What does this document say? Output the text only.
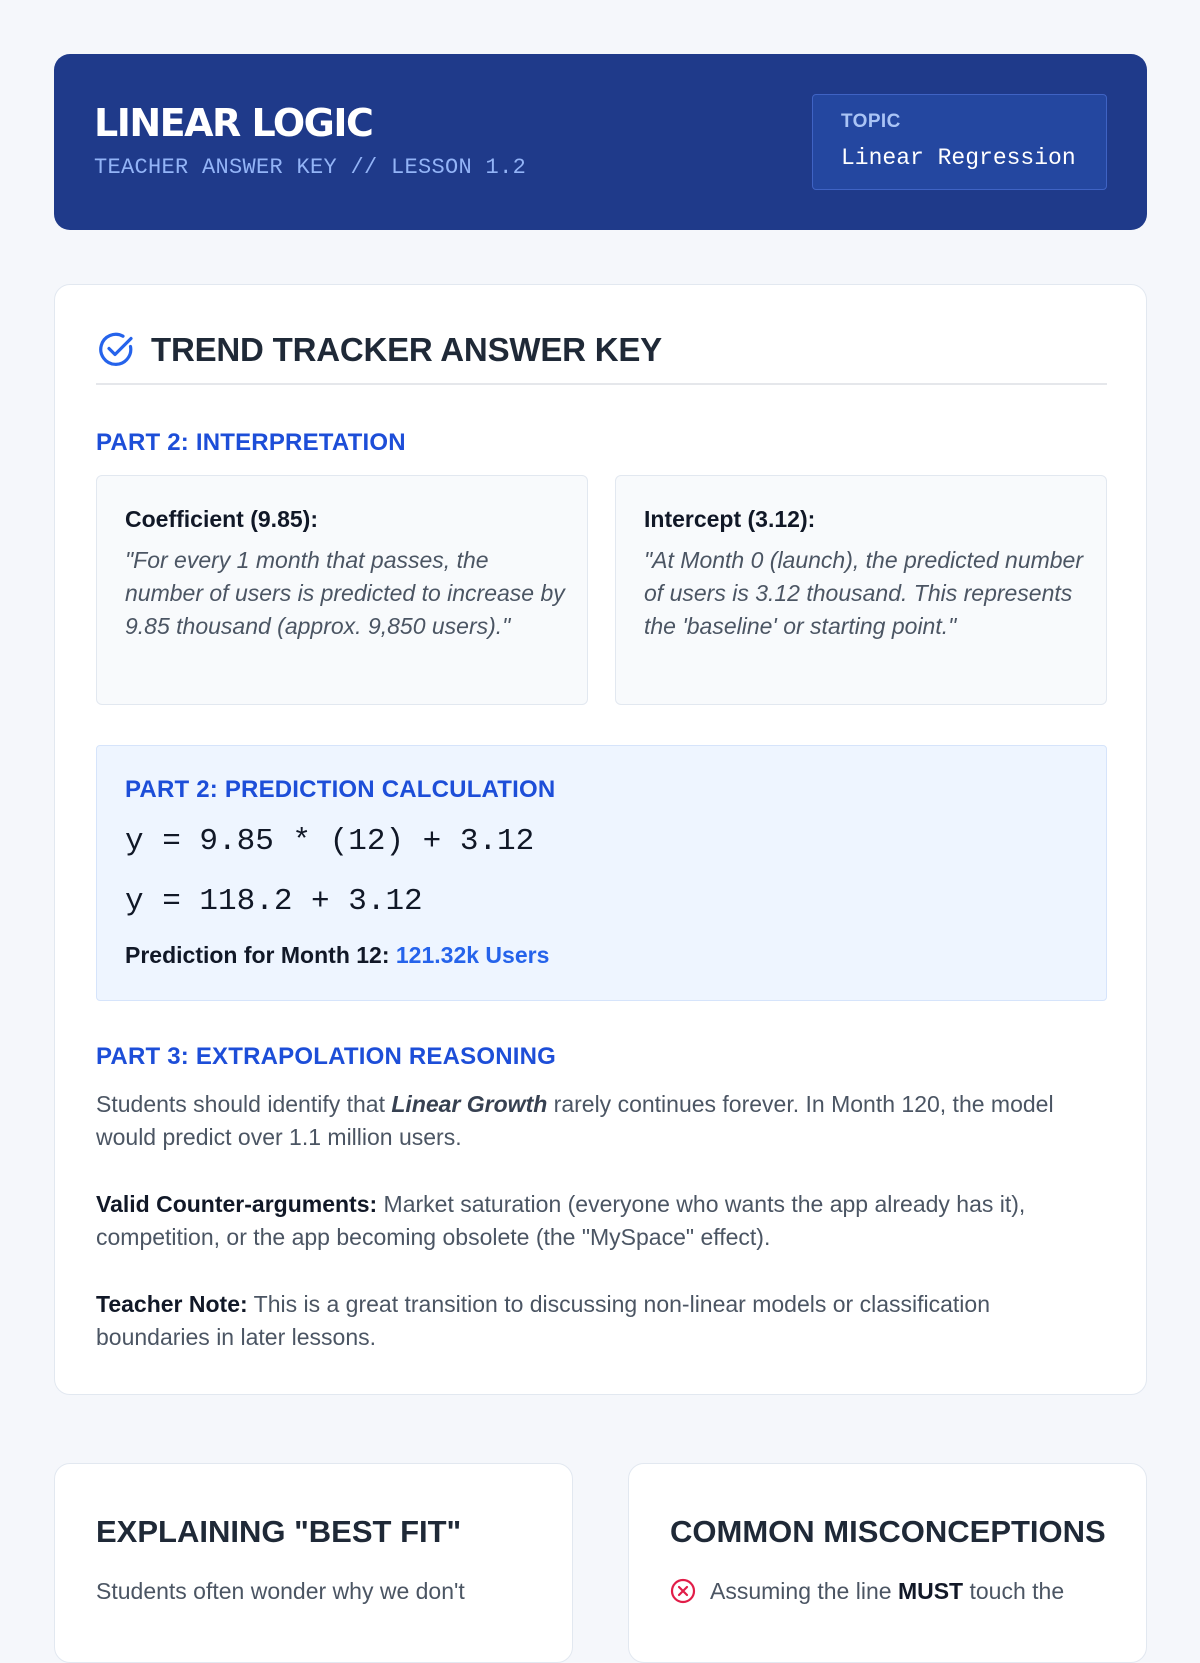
LINEAR LOGIC
TEACHER ANSWER KEY // LESSON 1.2
TOPIC
Linear Regression
TREND TRACKER ANSWER KEY
PART 2: INTERPRETATION
Coefficient (9.85):
"For every 1 month that passes, the number of users is predicted to increase by 9.85 thousand (approx. 9,850 users)."
Intercept (3.12):
"At Month 0 (launch), the predicted number of users is 3.12 thousand. This represents the 'baseline' or starting point."
PART 2: PREDICTION CALCULATION
y = 9.85 * (12) + 3.12
y = 118.2 + 3.12
Prediction for Month 12: 121.32k Users
PART 3: EXTRAPOLATION REASONING

Students should identify that Linear Growth rarely continues forever. In Month 120, the model would predict over 1.1 million users.

Valid Counter-arguments: Market saturation (everyone who wants the app already has it), competition, or the app becoming obsolete (the "MySpace" effect).

Teacher Note: This is a great transition to discussing non-linear models or classification boundaries in later lessons.

EXPLAINING "BEST FIT"
Students often wonder why we don't
COMMON MISCONCEPTIONS
Assuming the line MUST touch the
